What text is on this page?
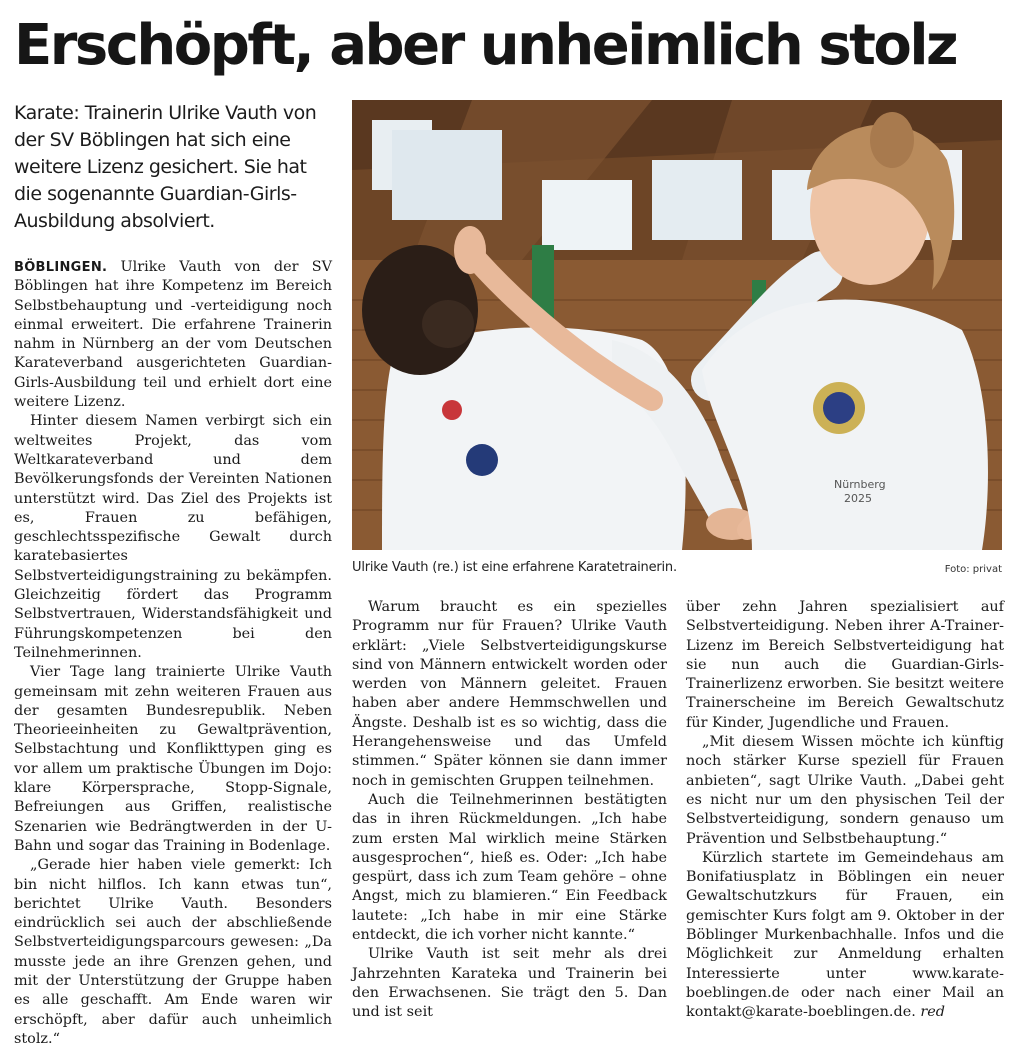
Erschöpft, aber unheimlich stolz

Karate: Trainerin Ulrike Vauth von der SV Böblingen hat sich eine weitere Lizenz gesichert. Sie hat die sogenannte Guardian-Girls-Ausbildung absolviert.

BÖBLINGEN. Ulrike Vauth von der SV Böblingen hat ihre Kompetenz im Bereich Selbstbehauptung und -verteidigung noch einmal erweitert. Die erfahrene Trainerin nahm in Nürnberg an der vom Deutschen Karateverband ausgerichteten Guardian-Girls-Ausbildung teil und erhielt dort eine weitere Lizenz.

Hinter diesem Namen verbirgt sich ein weltweites Projekt, das vom Weltkarateverband und dem Bevölkerungsfonds der Vereinten Nationen unterstützt wird. Das Ziel des Projekts ist es, Frauen zu befähigen, geschlechtsspezifische Gewalt durch karatebasiertes Selbstverteidigungstraining zu bekämpfen. Gleichzeitig fördert das Programm Selbstvertrauen, Widerstandsfähigkeit und Führungskompetenzen bei den Teilnehmerinnen.

Vier Tage lang trainierte Ulrike Vauth gemeinsam mit zehn weiteren Frauen aus der gesamten Bundesrepublik. Neben Theorieeinheiten zu Gewaltprävention, Selbstachtung und Konflikttypen ging es vor allem um praktische Übungen im Dojo: klare Körpersprache, Stopp-Signale, Befreiungen aus Griffen, realistische Szenarien wie Bedrängtwerden in der U-Bahn und sogar das Training in Bodenlage.

„Gerade hier haben viele gemerkt: Ich bin nicht hilflos. Ich kann etwas tun“, berichtet Ulrike Vauth. Besonders eindrücklich sei auch der abschließende Selbstverteidigungsparcours gewesen: „Da musste jede an ihre Grenzen gehen, und mit der Unterstützung der Gruppe haben es alle geschafft. Am Ende waren wir erschöpft, aber dafür auch unheimlich stolz.“

Nürnberg
2025
Ulrike Vauth (re.) ist eine erfahrene Karatetrainerin.	Foto: privat

Warum braucht es ein spezielles Programm nur für Frauen? Ulrike Vauth erklärt: „Viele Selbstverteidigungskurse sind von Männern entwickelt worden oder werden von Männern geleitet. Frauen haben aber andere Hemmschwellen und Ängste. Deshalb ist es so wichtig, dass die Herangehensweise und das Umfeld stimmen.“ Später können sie dann immer noch in gemischten Gruppen teilnehmen.

Auch die Teilnehmerinnen bestätigten das in ihren Rückmeldungen. „Ich habe zum ersten Mal wirklich meine Stärken ausgesprochen“, hieß es. Oder: „Ich habe gespürt, dass ich zum Team gehöre – ohne Angst, mich zu blamieren.“ Ein Feedback lautete: „Ich habe in mir eine Stärke entdeckt, die ich vorher nicht kannte.“

Ulrike Vauth ist seit mehr als drei Jahrzehnten Karateka und Trainerin bei den Erwachsenen. Sie trägt den 5. Dan und ist seit

über zehn Jahren spezialisiert auf Selbstverteidigung. Neben ihrer A-Trainer-Lizenz im Bereich Selbstverteidigung hat sie nun auch die Guardian-Girls-Trainerlizenz erworben. Sie besitzt weitere Trainerscheine im Bereich Gewaltschutz für Kinder, Jugendliche und Frauen.

„Mit diesem Wissen möchte ich künftig noch stärker Kurse speziell für Frauen anbieten“, sagt Ulrike Vauth. „Dabei geht es nicht nur um den physischen Teil der Selbstverteidigung, sondern genauso um Prävention und Selbstbehauptung.“

Kürzlich startete im Gemeindehaus am Bonifatiusplatz in Böblingen ein neuer Gewaltschutzkurs für Frauen, ein gemischter Kurs folgt am 9. Oktober in der Böblinger Murkenbachhalle. Infos und die Möglichkeit zur Anmeldung erhalten Interessierte unter www.karate-boeblingen.de oder nach einer Mail an kontakt@karate-boeblingen.de. red
